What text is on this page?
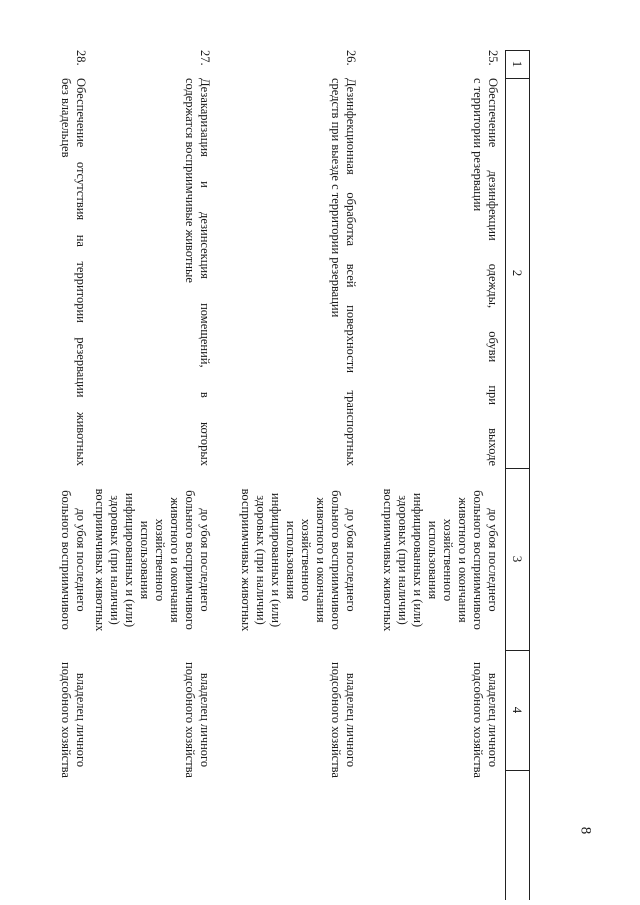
8
1
2
3
4
25.
Обеспечение дезинфекции одежды, обуви при выходе
с территории резервации
до убоя последнего
больного восприимчивого
животного и окончания
хозяйственного
использования
инфицированных и (или)
здоровых (при наличии)
восприимчивых животных
владелец личного
подсобного хозяйства
26.
Дезинфекционная обработка всей поверхности транспортных
средств при выезде с территории резервации
до убоя последнего
больного восприимчивого
животного и окончания
хозяйственного
использования
инфицированных и (или)
здоровых (при наличии)
восприимчивых животных
владелец личного
подсобного хозяйства
27.
Дезакаризация и дезинсекция помещений, в которых
содержатся восприимчивые животные
до убоя последнего
больного восприимчивого
животного и окончания
хозяйственного
использования
инфицированных и (или)
здоровых (при наличии)
восприимчивых животных
владелец личного
подсобного хозяйства
28.
Обеспечение отсутствия на территории резервации животных
без владельцев
до убоя последнего
больного восприимчивого
владелец личного
подсобного хозяйства
